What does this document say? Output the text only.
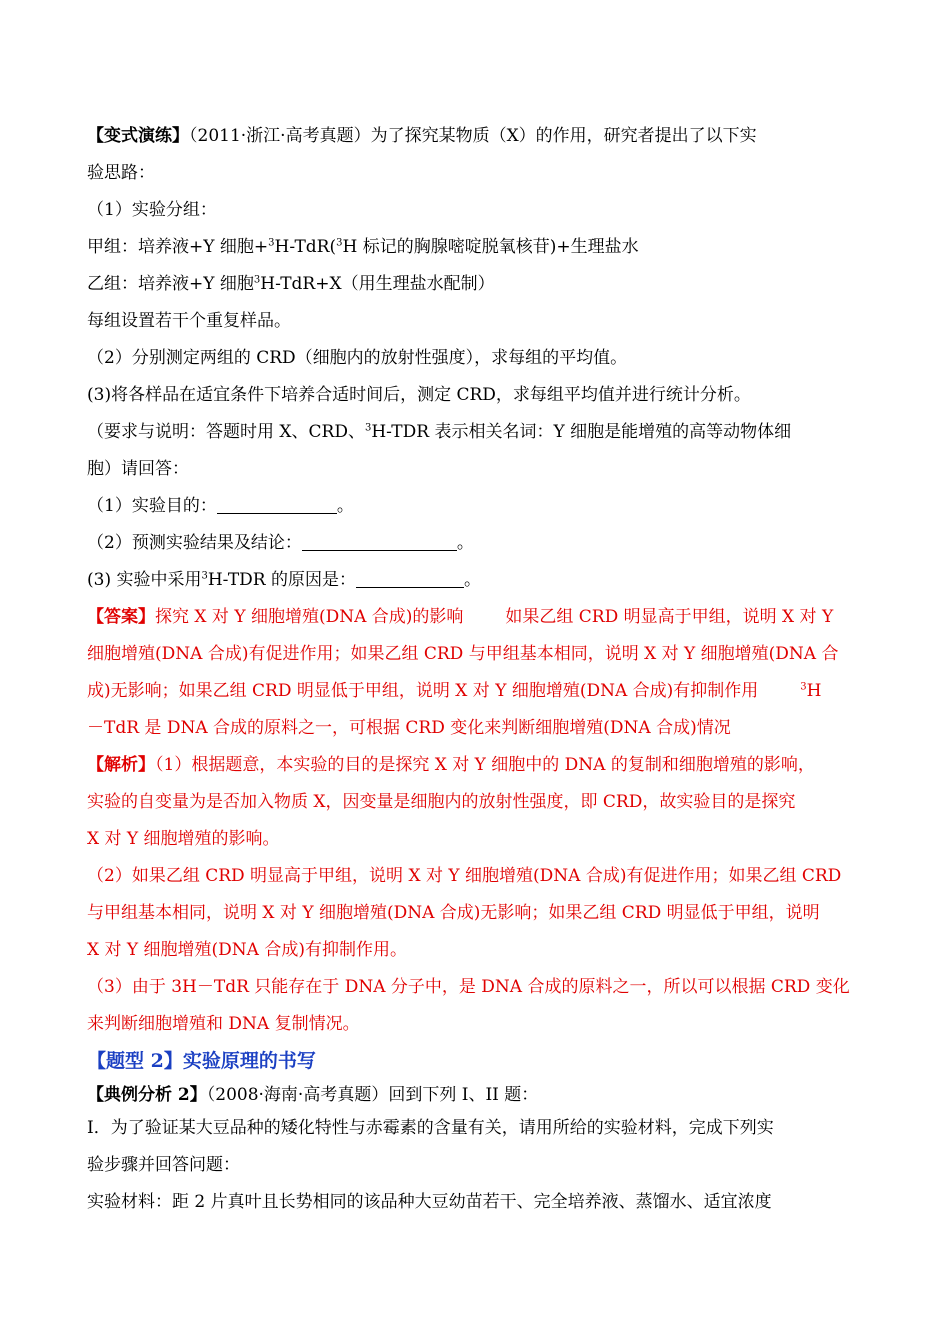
【变式演练】（2011·浙江·高考真题）为了探究某物质（X）的作用，研究者提出了以下实
验思路：
（1）实验分组：
甲组：培养液+Y 细胞+$^3$H-TdR($^3$H 标记的胸腺嘧啶脱氧核苷)+生理盐水
乙组：培养液+Y 细胞$^3$H-TdR+X（用生理盐水配制）
每组设置若干个重复样品。
（2）分别测定两组的 CRD（细胞内的放射性强度），求每组的平均值。
(3)将各样品在适宜条件下培养合适时间后，测定 CRD，求每组平均值并进行统计分析。
（要求与说明：答题时用 X、CRD、$^3$H-TDR 表示相关名词：Y 细胞是能增殖的高等动物体细
胞）请回答：
（1）实验目的：	。
（2）预测实验结果及结论：	。
(3) 实验中采用$^3$H-TDR 的原因是：	。
【答案】探究 X 对 Y 细胞增殖(DNA 合成)的影响 如果乙组 CRD 明显高于甲组，说明 X 对 Y
细胞增殖(DNA 合成)有促进作用；如果乙组 CRD 与甲组基本相同，说明 X 对 Y 细胞增殖(DNA 合
成)无影响；如果乙组 CRD 明显低于甲组，说明 X 对 Y 细胞增殖(DNA 合成)有抑制作用	$^3$H
－TdR 是 DNA 合成的原料之一，可根据 CRD 变化来判断细胞增殖(DNA 合成)情况
【解析】（1）根据题意，本实验的目的是探究 X 对 Y 细胞中的 DNA 的复制和细胞增殖的影响，
实验的自变量为是否加入物质 X，因变量是细胞内的放射性强度，即 CRD，故实验目的是探究
X 对 Y 细胞增殖的影响。
（2）如果乙组 CRD 明显高于甲组，说明 X 对 Y 细胞增殖(DNA 合成)有促进作用；如果乙组 CRD
与甲组基本相同，说明 X 对 Y 细胞增殖(DNA 合成)无影响；如果乙组 CRD 明显低于甲组，说明
X 对 Y 细胞增殖(DNA 合成)有抑制作用。
（3）由于 3H－TdR 只能存在于 DNA 分子中，是 DNA 合成的原料之一，所以可以根据 CRD 变化
来判断细胞增殖和 DNA 复制情况。
【题型 2】实验原理的书写
【典例分析 2】（2008·海南·高考真题）回到下列 I、II 题：
I．为了验证某大豆品种的矮化特性与赤霉素的含量有关，请用所给的实验材料，完成下列实
验步骤并回答问题：
实验材料：距 2 片真叶且长势相同的该品种大豆幼苗若干、完全培养液、蒸馏水、适宜浓度
